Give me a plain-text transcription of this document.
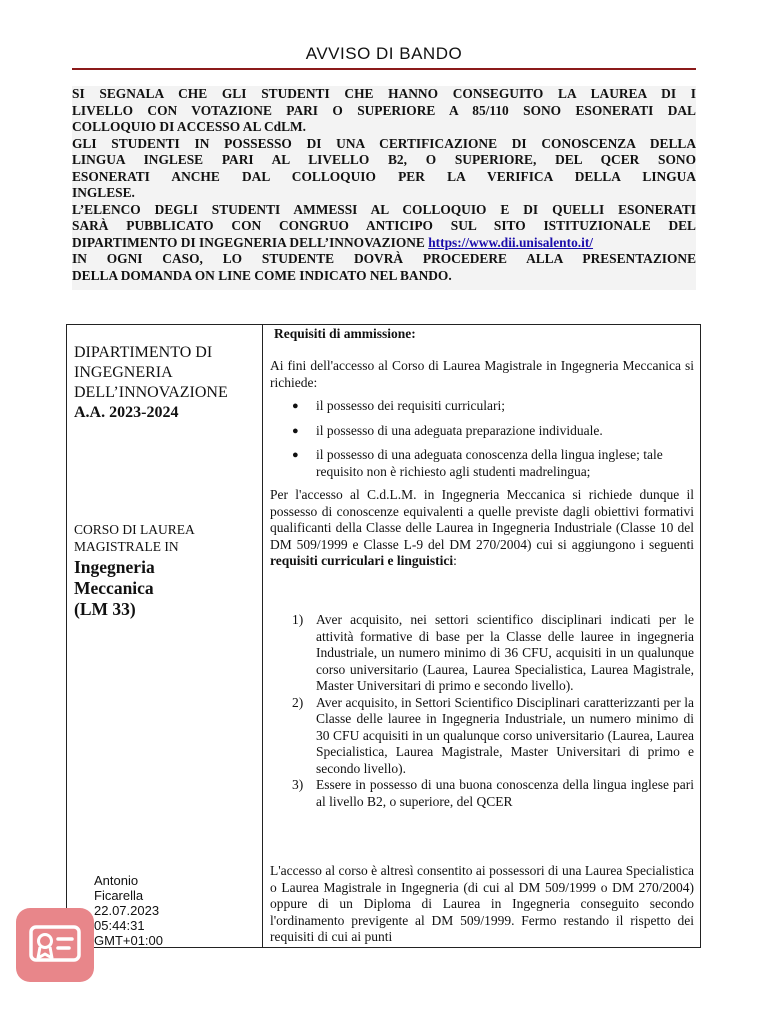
AVVISO DI BANDO

SI SEGNALA CHE GLI STUDENTI CHE HANNO CONSEGUITO LA LAUREA DI I

LIVELLO CON VOTAZIONE PARI O SUPERIORE A 85/110 SONO ESONERATI DAL

COLLOQUIO DI ACCESSO AL CdLM.

GLI STUDENTI IN POSSESSO DI UNA CERTIFICAZIONE DI CONOSCENZA DELLA

LINGUA INGLESE PARI AL LIVELLO B2, O SUPERIORE, DEL QCER SONO

ESONERATI ANCHE DAL COLLOQUIO PER LA VERIFICA DELLA LINGUA

INGLESE.

L’ELENCO DEGLI STUDENTI AMMESSI AL COLLOQUIO E DI QUELLI ESONERATI

SARÀ PUBBLICATO CON CONGRUO ANTICIPO SUL SITO ISTITUZIONALE DEL

DIPARTIMENTO DI INGEGNERIA DELL’INNOVAZIONE https://www.dii.unisalento.it/

IN OGNI CASO, LO STUDENTE DOVRÀ PROCEDERE ALLA PRESENTAZIONE

DELLA DOMANDA ON LINE COME INDICATO NEL BANDO.

DIPARTIMENTO DI
INGEGNERIA
DELL’INNOVAZIONE
A.A. 2023-2024
CORSO DI LAUREA
MAGISTRALE IN
Ingegneria
Meccanica
(LM 33)
Antonio
Ficarella
22.07.2023
05:44:31
GMT+01:00
Requisiti di ammissione:
Ai fini dell'accesso al Corso di Laurea Magistrale in Ingegneria Meccanica si richiede:
● il possesso dei requisiti curriculari;
● il possesso di una adeguata preparazione individuale.
● il possesso di una adeguata conoscenza della lingua inglese; tale requisito non è richiesto agli studenti madrelingua;
Per l'accesso al C.d.L.M. in Ingegneria Meccanica si richiede dunque il possesso di conoscenze equivalenti a quelle previste dagli obiettivi formativi qualificanti della Classe delle Laurea in Ingegneria Industriale (Classe 10 del DM 509/1999 e Classe L-9 del DM 270/2004) cui si aggiungono i seguenti requisiti curriculari e linguistici:
1) Aver acquisito, nei settori scientifico disciplinari indicati per le attività formative di base per la Classe delle lauree in ingegneria Industriale, un numero minimo di 36 CFU, acquisiti in un qualunque corso universitario (Laurea, Laurea Specialistica, Laurea Magistrale, Master Universitari di primo e secondo livello).
2) Aver acquisito, in Settori Scientifico Disciplinari caratterizzanti per la Classe delle lauree in Ingegneria Industriale, un numero minimo di 30 CFU acquisiti in un qualunque corso universitario (Laurea, Laurea Specialistica, Laurea Magistrale, Master Universitari di primo e secondo livello).
3) Essere in possesso di una buona conoscenza della lingua inglese pari al livello B2, o superiore, del QCER
L'accesso al corso è altresì consentito ai possessori di una Laurea Specialistica o Laurea Magistrale in Ingegneria (di cui al DM 509/1999 o DM 270/2004) oppure di un Diploma di Laurea in Ingegneria conseguito secondo l'ordinamento previgente al DM 509/1999. Fermo restando il rispetto dei requisiti di cui ai punti
